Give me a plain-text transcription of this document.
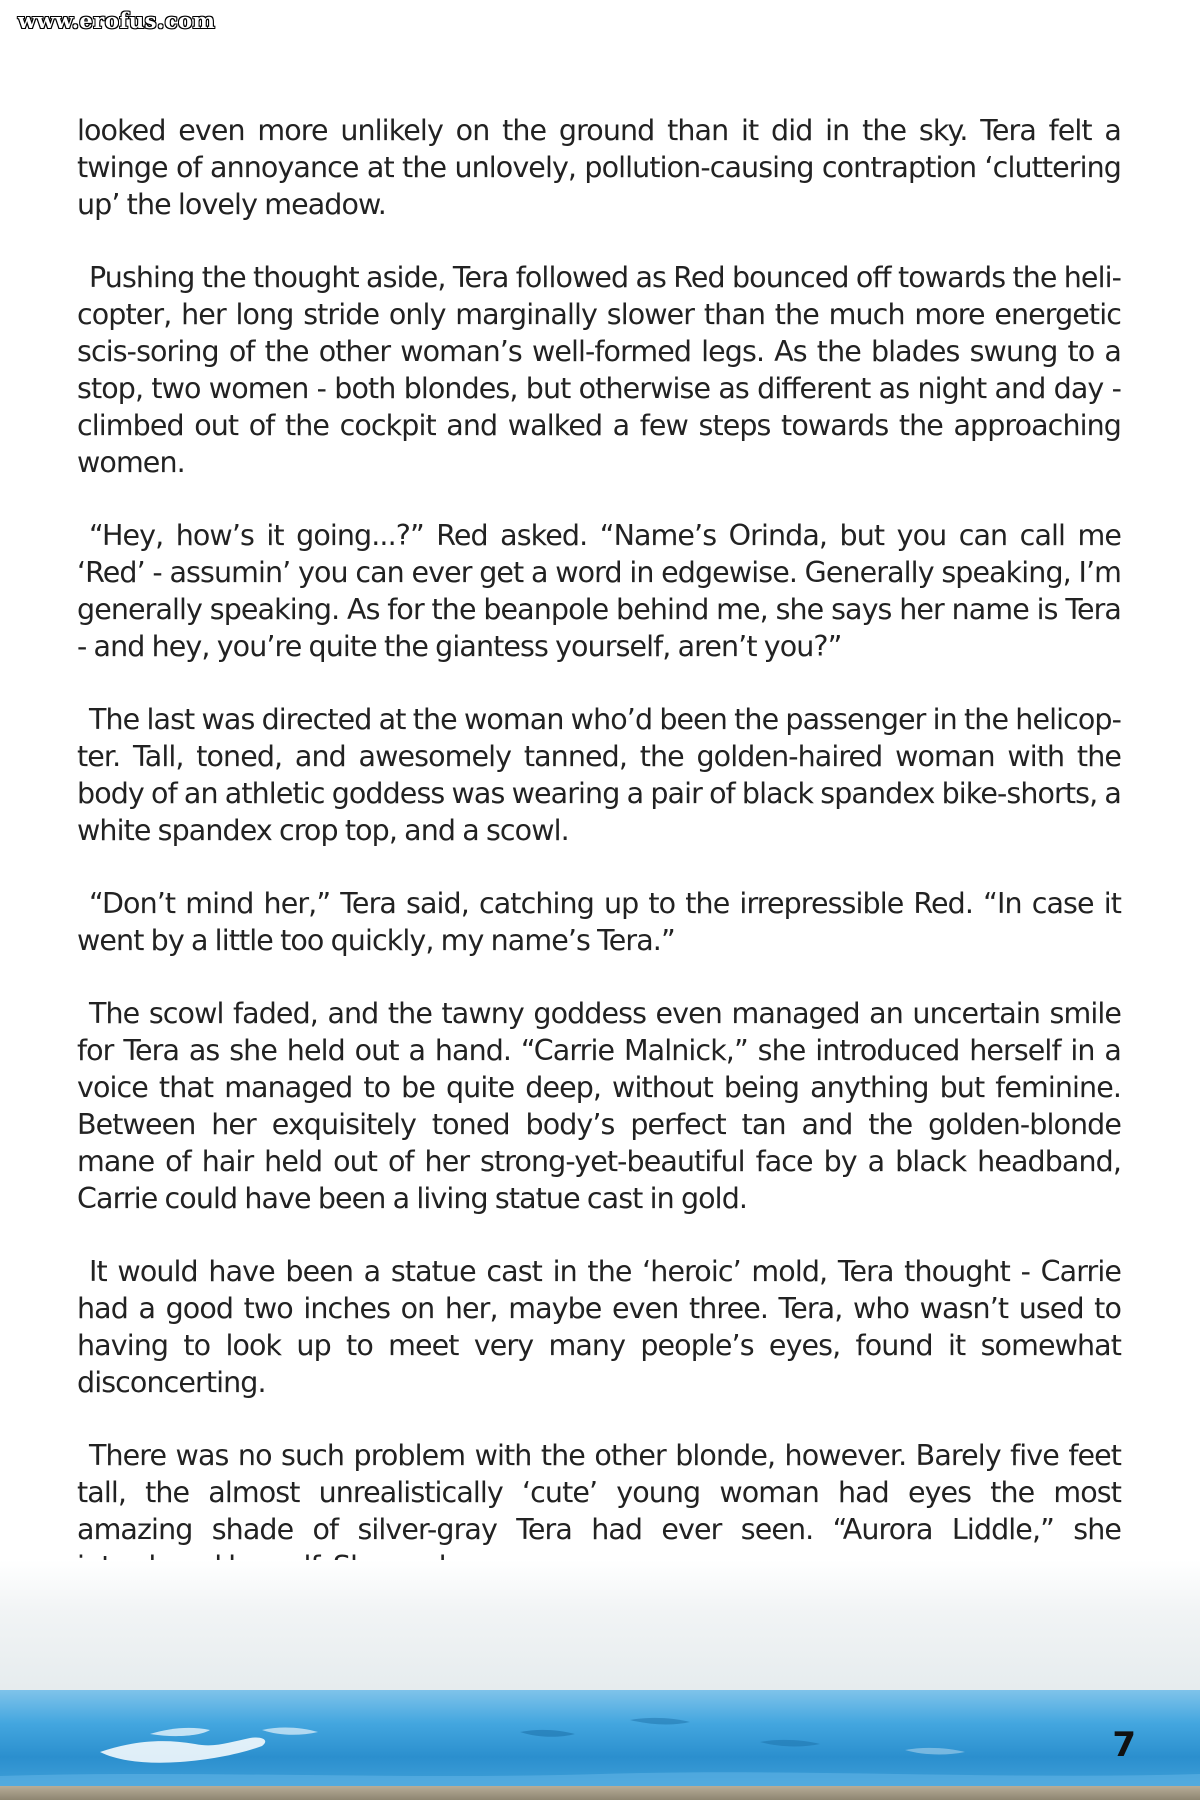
www.erofus.com

looked even more unlikely on the ground than it did in the sky. Tera felt a twinge of annoyance at the unlovely, pollution-causing contraption ‘cluttering up’ the lovely meadow.

Pushing the thought aside, Tera followed as Red bounced off towards the heli-copter, her long stride only marginally slower than the much more energetic scis-soring of the other woman’s well-formed legs. As the blades swung to a stop, two women - both blondes, but otherwise as different as night and day - climbed out of the cockpit and walked a few steps towards the approaching women.

“Hey, how’s it going...?” Red asked. “Name’s Orinda, but you can call me ‘Red’ - assumin’ you can ever get a word in edgewise. Generally speaking, I’m generally speaking. As for the beanpole behind me, she says her name is Tera - and hey, you’re quite the giantess yourself, aren’t you?”

The last was directed at the woman who’d been the passenger in the helicop-ter. Tall, toned, and awesomely tanned, the golden-haired woman with the body of an athletic goddess was wearing a pair of black spandex bike-shorts, a white spandex crop top, and a scowl.

“Don’t mind her,” Tera said, catching up to the irrepressible Red. “In case it went by a little too quickly, my name’s Tera.”

The scowl faded, and the tawny goddess even managed an uncertain smile for Tera as she held out a hand. “Carrie Malnick,” she introduced herself in a voice that managed to be quite deep, without being anything but feminine. Between her exquisitely toned body’s perfect tan and the golden-blonde mane of hair held out of her strong-yet-beautiful face by a black headband, Carrie could have been a living statue cast in gold.

It would have been a statue cast in the ‘heroic’ mold, Tera thought - Carrie had a good two inches on her, maybe even three. Tera, who wasn’t used to having to look up to meet very many people’s eyes, found it somewhat disconcerting.

There was no such problem with the other blonde, however. Barely five feet tall, the almost unrealistically ‘cute’ young woman had eyes the most amazing shade of silver-gray Tera had ever seen. “Aurora Liddle,” she

7
